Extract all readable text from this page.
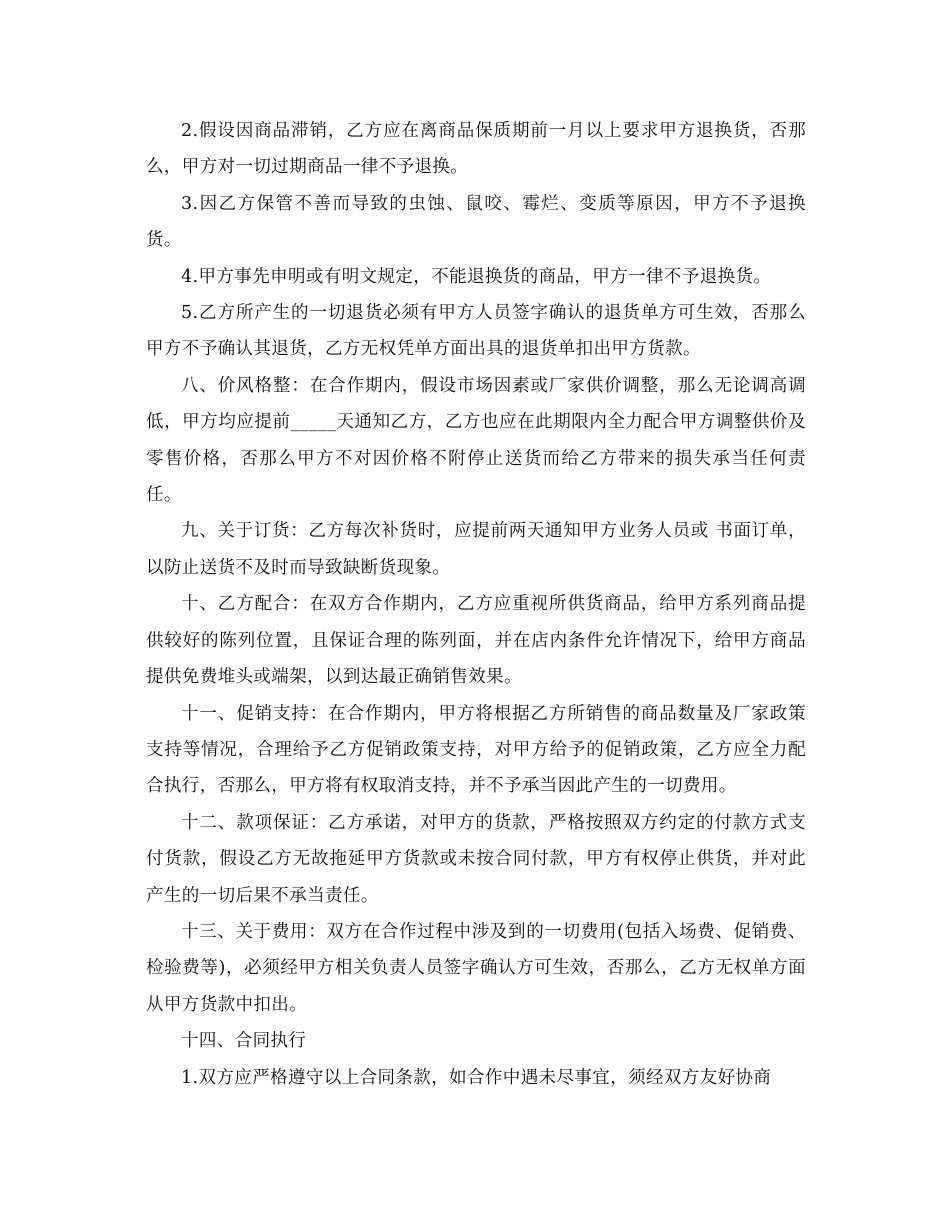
2.假设因商品滞销，乙方应在离商品保质期前一月以上要求甲方退换货，否那么，甲方对一切过期商品一律不予退换。

3.因乙方保管不善而导致的虫蚀、鼠咬、霉烂、变质等原因，甲方不予退换货。

4.甲方事先申明或有明文规定，不能退换货的商品，甲方一律不予退换货。

5.乙方所产生的一切退货必须有甲方人员签字确认的退货单方可生效，否那么甲方不予确认其退货，乙方无权凭单方面出具的退货单扣出甲方货款。

八、价风格整：在合作期内，假设市场因素或厂家供价调整，那么无论调高调低，甲方均应提前_____天通知乙方，乙方也应在此期限内全力配合甲方调整供价及零售价格，否那么甲方不对因价格不附停止送货而给乙方带来的损失承当任何责任。

九、关于订货：乙方每次补货时，应提前两天通知甲方业务人员或 书面订单，以防止送货不及时而导致缺断货现象。

十、乙方配合：在双方合作期内，乙方应重视所供货商品，给甲方系列商品提供较好的陈列位置，且保证合理的陈列面，并在店内条件允许情况下，给甲方商品提供免费堆头或端架，以到达最正确销售效果。

十一、促销支持：在合作期内，甲方将根据乙方所销售的商品数量及厂家政策支持等情况，合理给予乙方促销政策支持，对甲方给予的促销政策，乙方应全力配合执行，否那么，甲方将有权取消支持，并不予承当因此产生的一切费用。

十二、款项保证：乙方承诺，对甲方的货款，严格按照双方约定的付款方式支付货款，假设乙方无故拖延甲方货款或未按合同付款，甲方有权停止供货，并对此产生的一切后果不承当责任。

十三、关于费用：双方在合作过程中涉及到的一切费用(包括入场费、促销费、检验费等)，必须经甲方相关负责人员签字确认方可生效，否那么，乙方无权单方面从甲方货款中扣出。

十四、合同执行

1.双方应严格遵守以上合同条款，如合作中遇未尽事宜，须经双方友好协商
